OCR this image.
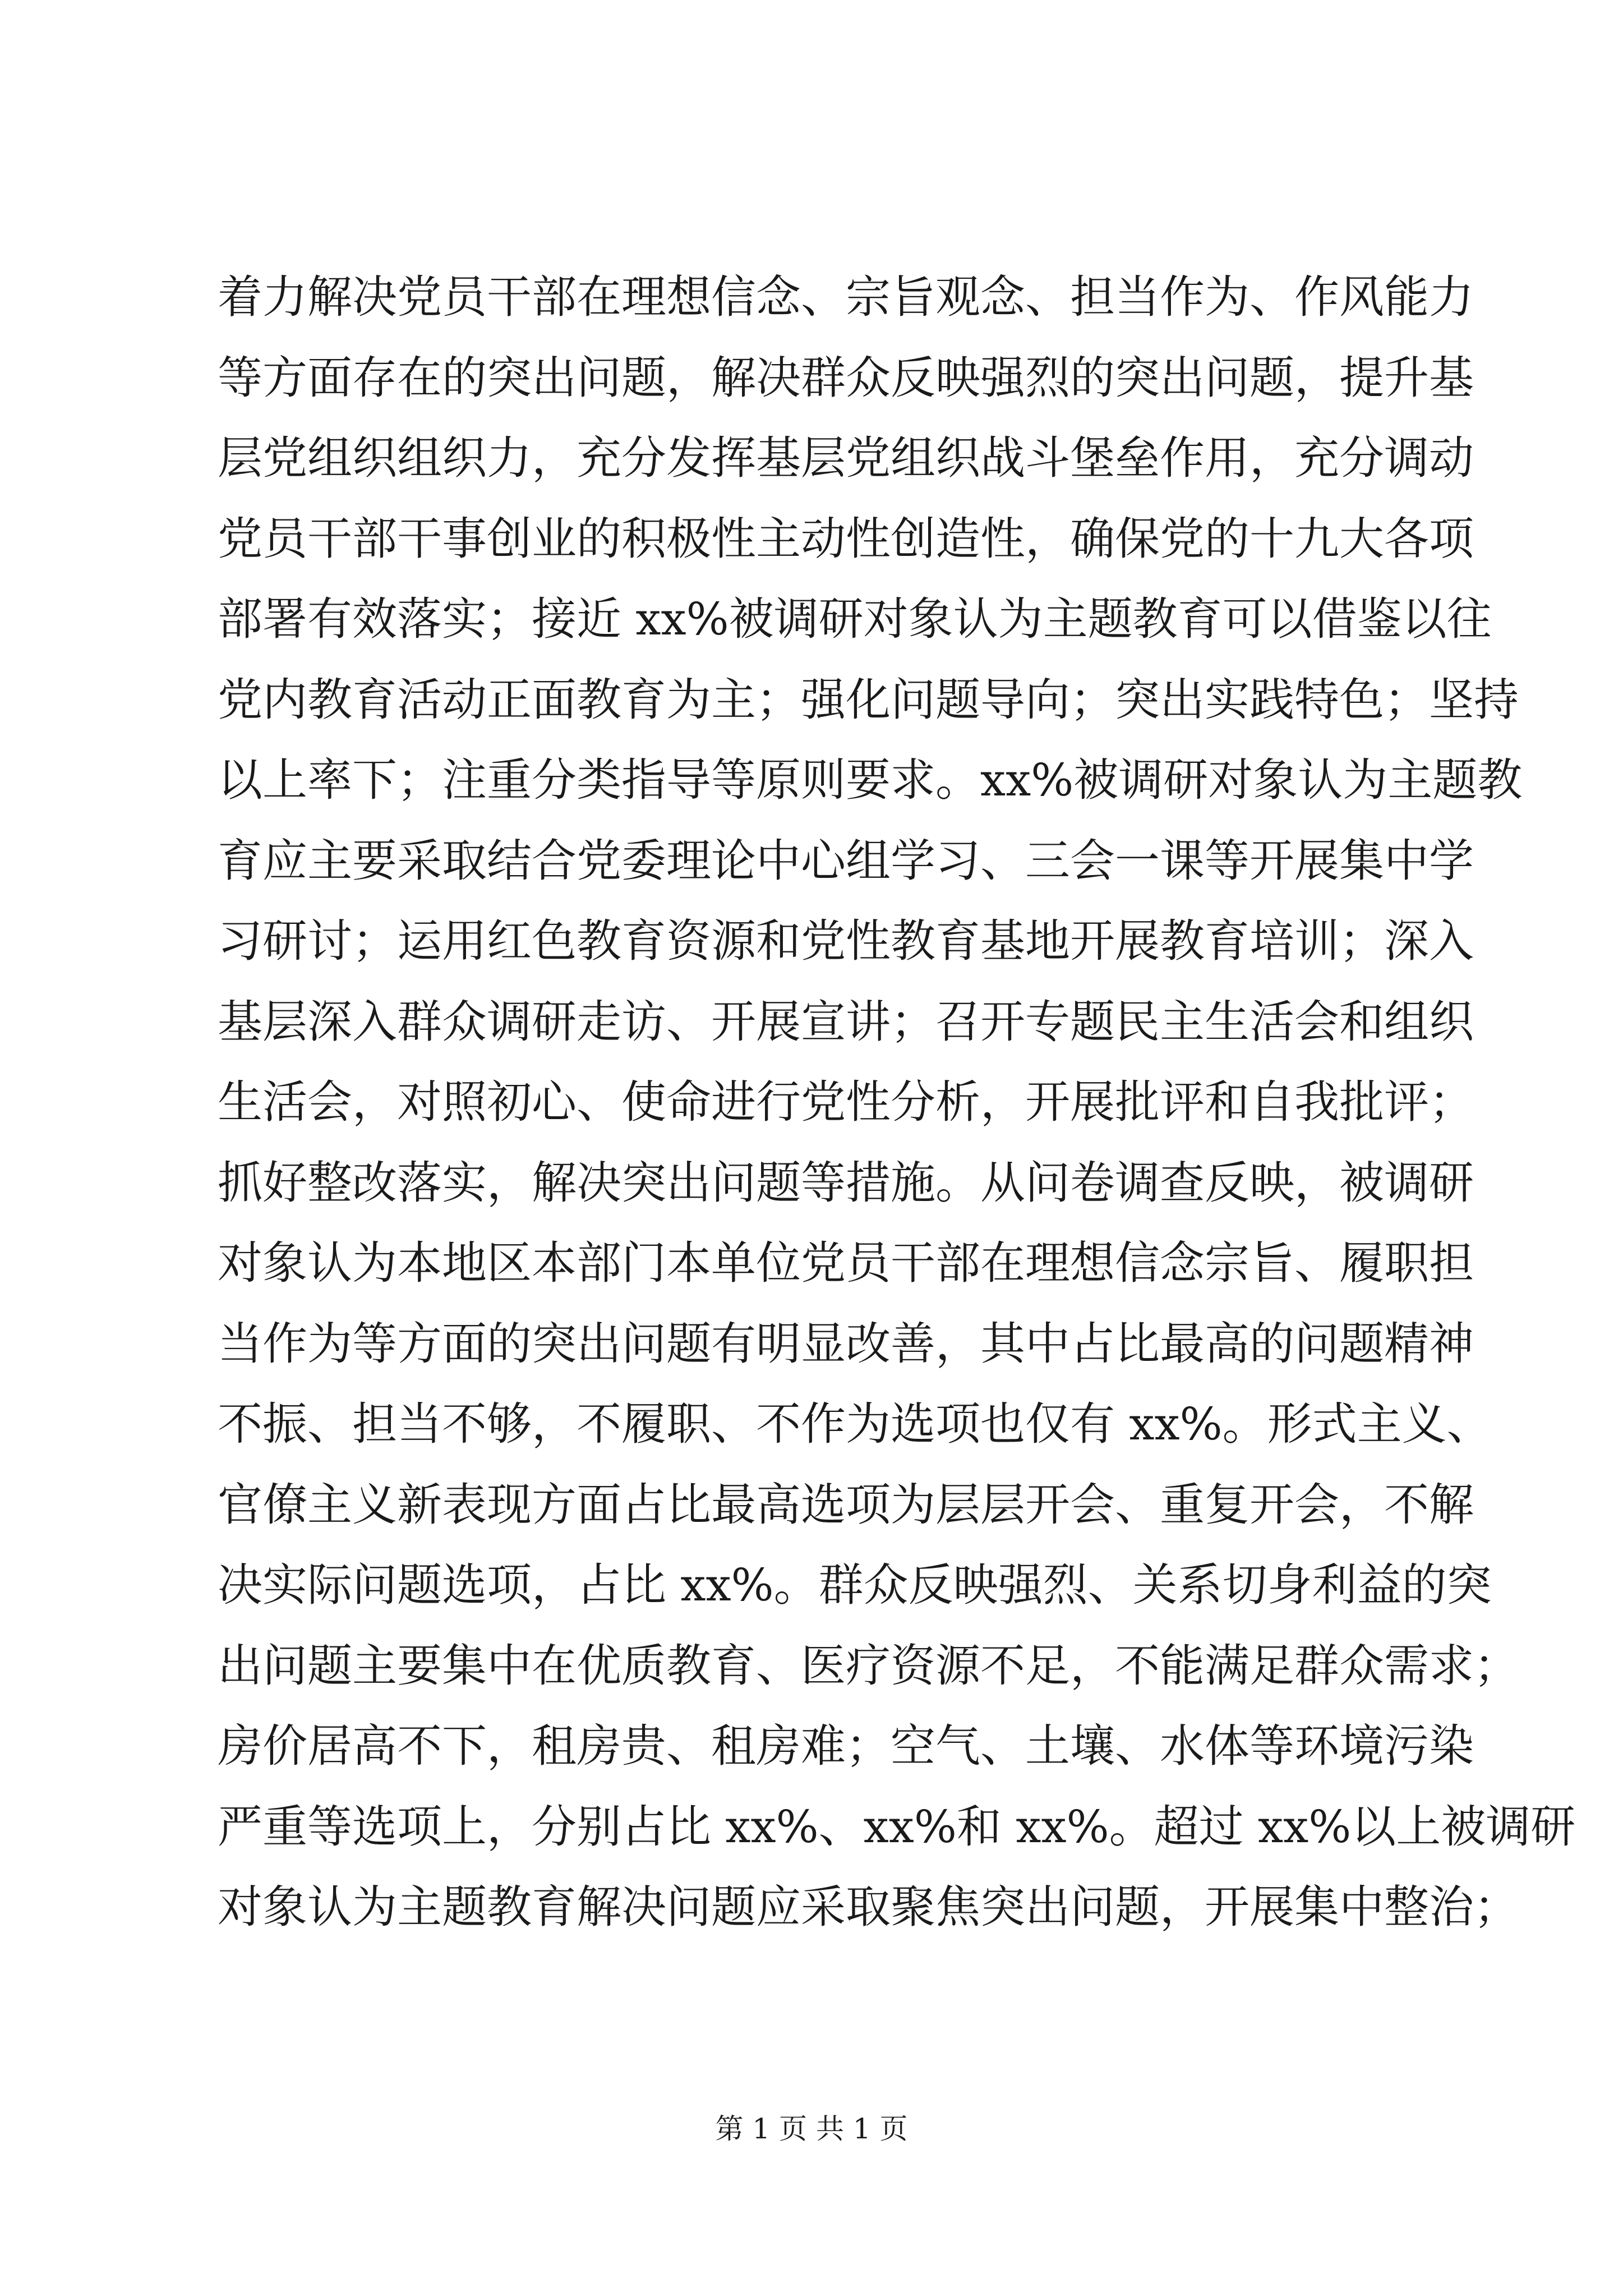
着力解决党员干部在理想信念、宗旨观念、担当作为、作风能力
等方面存在的突出问题，解决群众反映强烈的突出问题，提升基
层党组织组织力，充分发挥基层党组织战斗堡垒作用，充分调动
党员干部干事创业的积极性主动性创造性，确保党的十九大各项
部署有效落实；接近 xx%被调研对象认为主题教育可以借鉴以往
党内教育活动正面教育为主；强化问题导向；突出实践特色；坚持
以上率下；注重分类指导等原则要求。xx%被调研对象认为主题教
育应主要采取结合党委理论中心组学习、三会一课等开展集中学
习研讨；运用红色教育资源和党性教育基地开展教育培训；深入
基层深入群众调研走访、开展宣讲；召开专题民主生活会和组织
生活会，对照初心、使命进行党性分析，开展批评和自我批评；
抓好整改落实，解决突出问题等措施。从问卷调查反映，被调研
对象认为本地区本部门本单位党员干部在理想信念宗旨、履职担
当作为等方面的突出问题有明显改善，其中占比最高的问题精神
不振、担当不够，不履职、不作为选项也仅有 xx%。形式主义、
官僚主义新表现方面占比最高选项为层层开会、重复开会，不解
决实际问题选项，占比 xx%。群众反映强烈、关系切身利益的突
出问题主要集中在优质教育、医疗资源不足，不能满足群众需求；
房价居高不下，租房贵、租房难；空气、土壤、水体等环境污染
严重等选项上，分别占比 xx%、xx%和 xx%。超过 xx%以上被调研
对象认为主题教育解决问题应采取聚焦突出问题，开展集中整治；
第 1 页 共 1 页
